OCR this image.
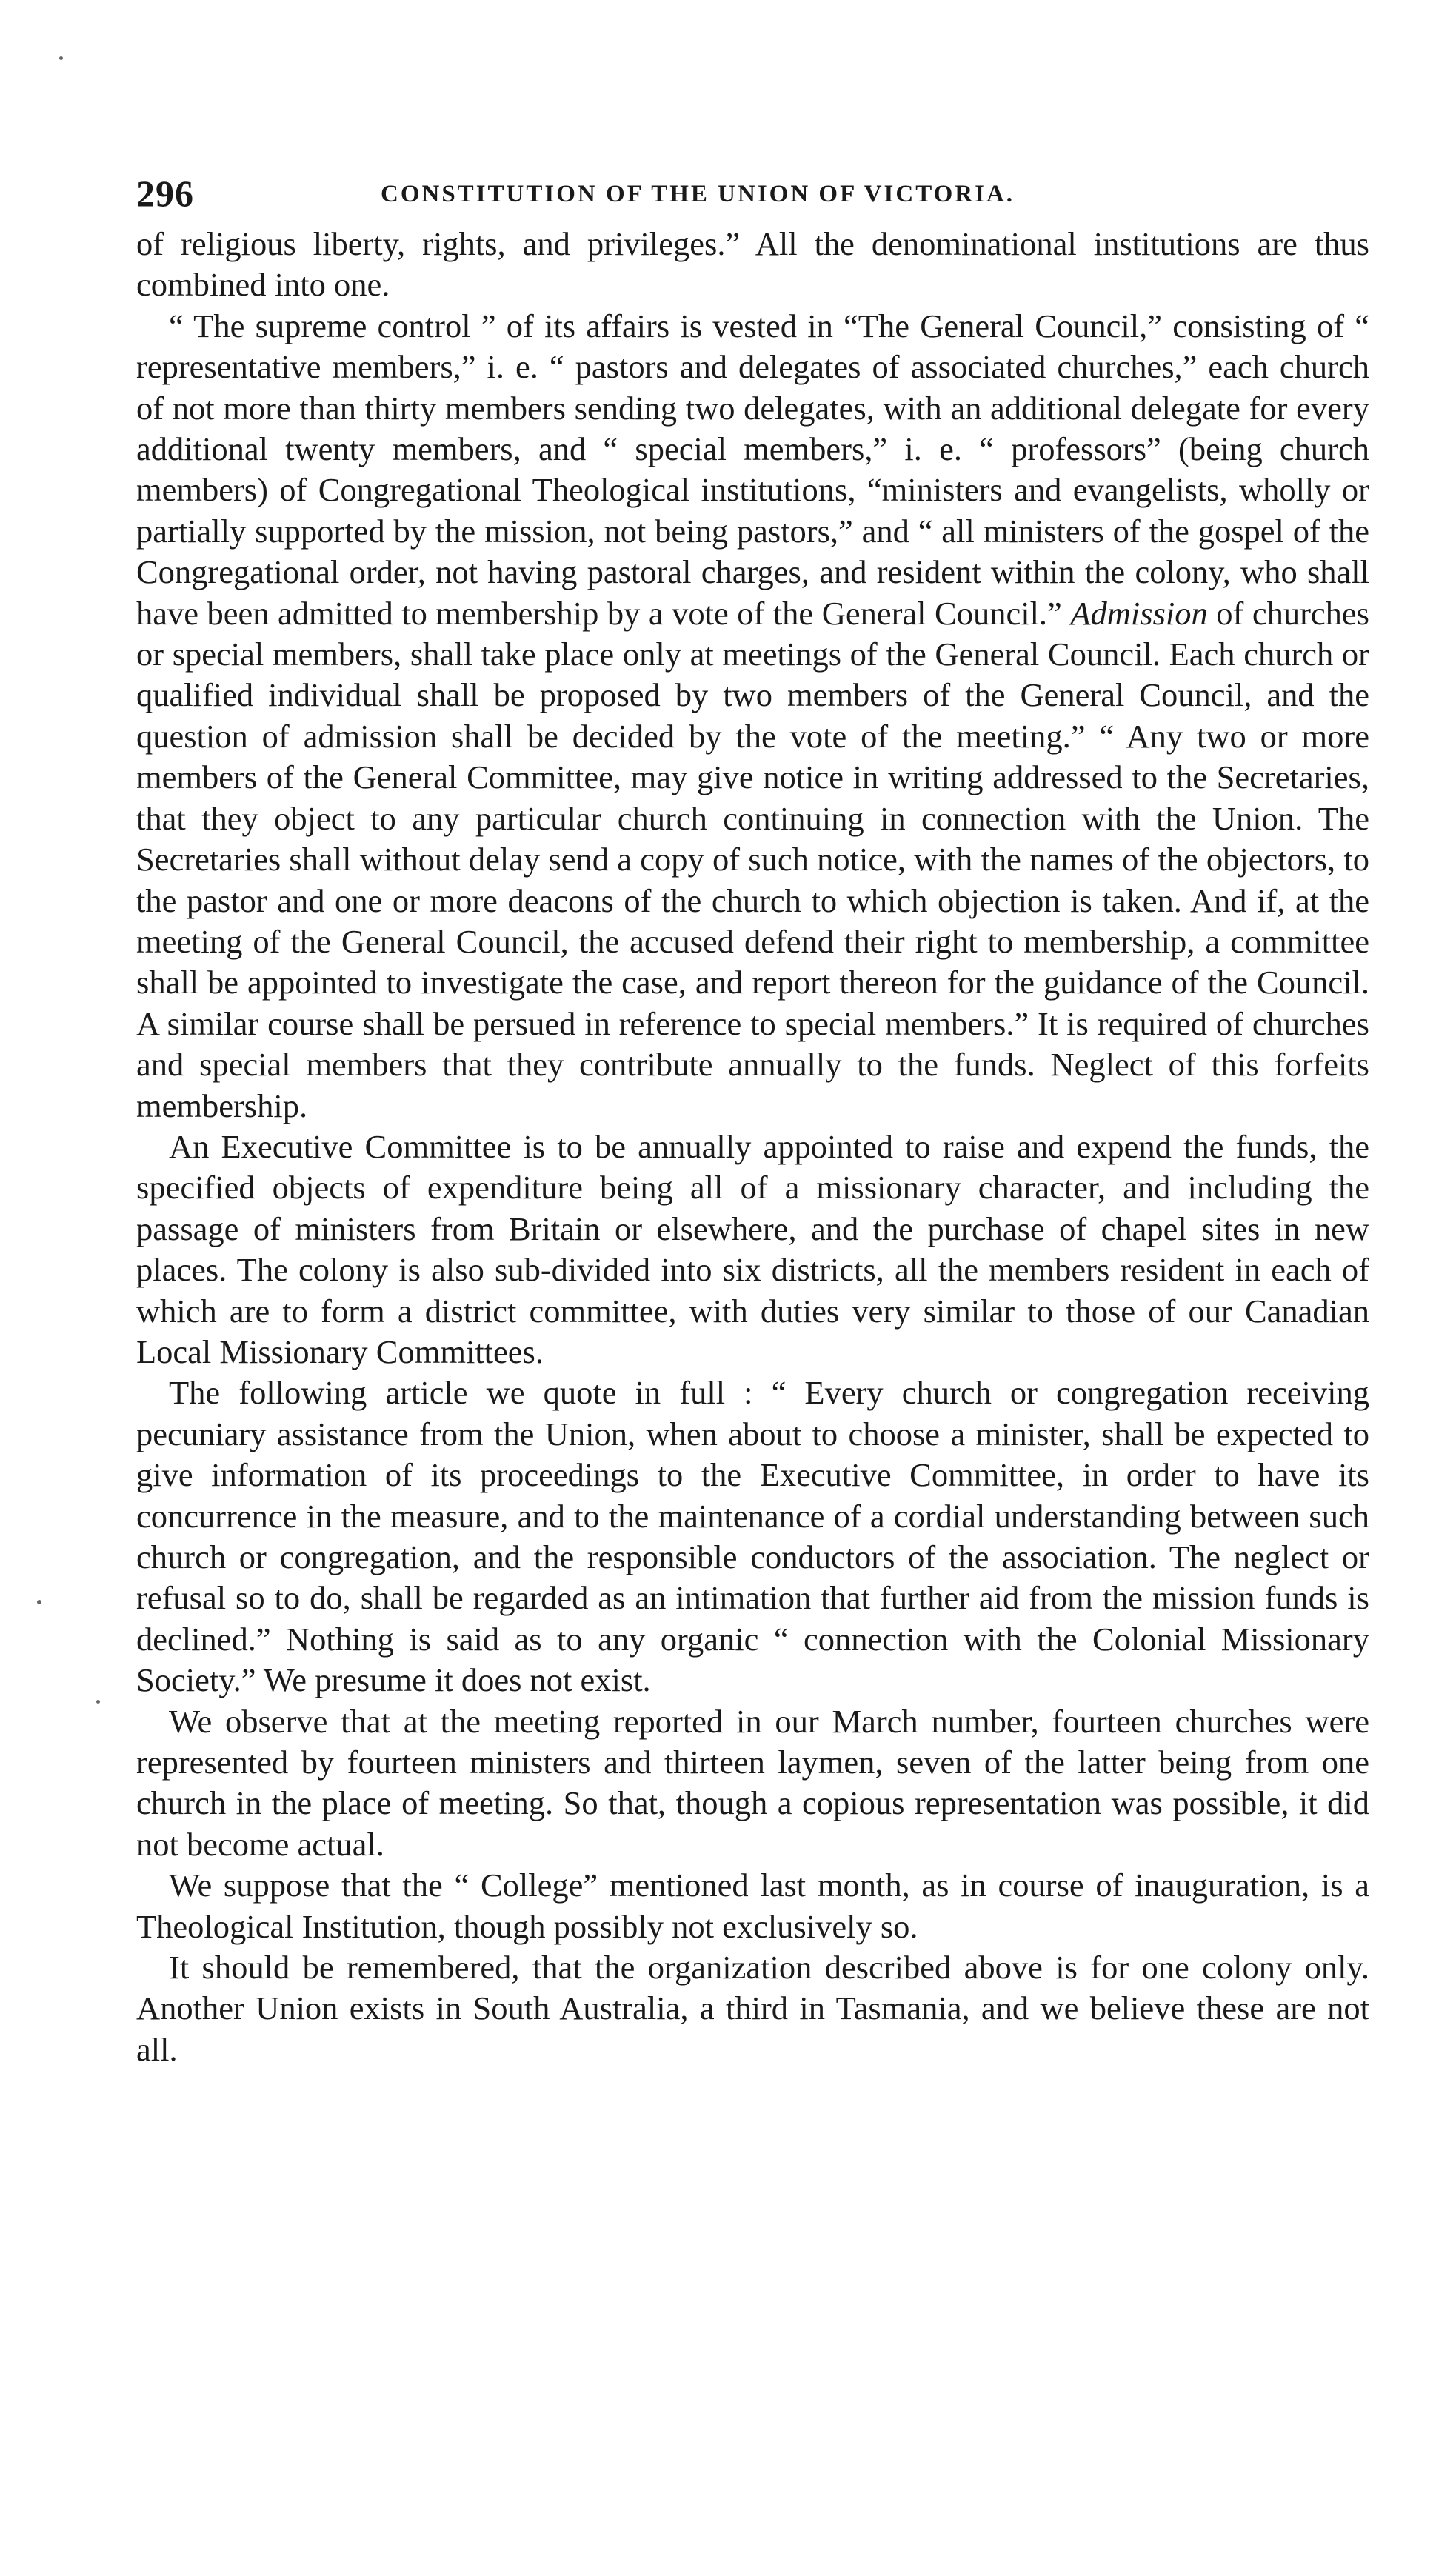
296	CONSTITUTION OF THE UNION OF VICTORIA.

of religious liberty, rights, and privileges.” All the denominational institutions are thus combined into one.

“ The supreme control ” of its affairs is vested in “The General Council,” consisting of “ representative members,” i. e. “ pastors and delegates of associated churches,” each church of not more than thirty members sending two delegates, with an additional delegate for every additional twenty members, and “ special members,” i. e. “ professors” (being church members) of Congregational Theological institutions, “ministers and evangelists, wholly or partially supported by the mission, not being pastors,” and “ all ministers of the gospel of the Congregational order, not having pastoral charges, and resident within the colony, who shall have been admitted to membership by a vote of the General Council.” Admission of churches or special members, shall take place only at meetings of the General Council. Each church or qualified individual shall be proposed by two members of the General Council, and the question of admission shall be decided by the vote of the meeting.” “ Any two or more members of the General Committee, may give notice in writing addressed to the Secretaries, that they object to any particular church continuing in connection with the Union. The Secretaries shall without delay send a copy of such notice, with the names of the objectors, to the pastor and one or more deacons of the church to which objection is taken. And if, at the meeting of the General Council, the accused defend their right to membership, a committee shall be appointed to investigate the case, and report thereon for the guidance of the Council. A similar course shall be persued in reference to special members.” It is required of churches and special members that they contribute annually to the funds. Neglect of this forfeits membership.

An Executive Committee is to be annually appointed to raise and expend the funds, the specified objects of expenditure being all of a missionary character, and including the passage of ministers from Britain or elsewhere, and the purchase of chapel sites in new places. The colony is also sub-divided into six districts, all the members resident in each of which are to form a district committee, with duties very similar to those of our Canadian Local Missionary Committees.

The following article we quote in full : “ Every church or congregation receiving pecuniary assistance from the Union, when about to choose a minister, shall be expected to give information of its proceedings to the Executive Committee, in order to have its concurrence in the measure, and to the maintenance of a cordial understanding between such church or congregation, and the responsible conductors of the association. The neglect or refusal so to do, shall be regarded as an intimation that further aid from the mission funds is declined.” Nothing is said as to any organic “ connection with the Colonial Missionary Society.” We presume it does not exist.

We observe that at the meeting reported in our March number, fourteen churches were represented by fourteen ministers and thirteen laymen, seven of the latter being from one church in the place of meeting. So that, though a copious representation was possible, it did not become actual.

We suppose that the “ College” mentioned last month, as in course of inauguration, is a Theological Institution, though possibly not exclusively so.

It should be remembered, that the organization described above is for one colony only. Another Union exists in South Australia, a third in Tasmania, and we believe these are not all.
